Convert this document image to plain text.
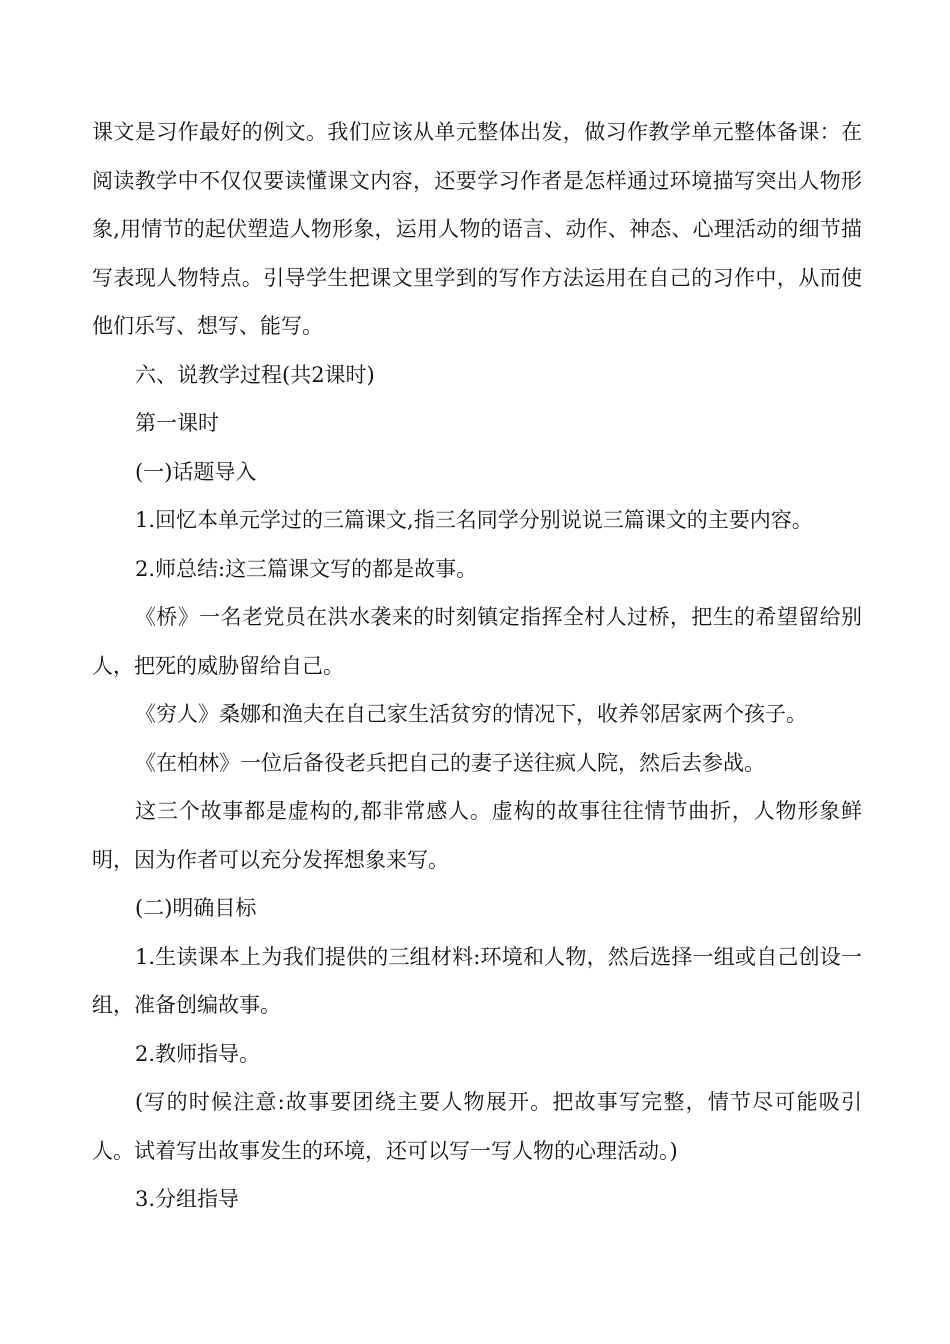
课文是习作最好的例文。我们应该从单元整体出发，做习作教学单元整体备课：在阅读教学中不仅仅要读懂课文内容，还要学习作者是怎样通过环境描写突出人物形象,用情节的起伏塑造人物形象，运用人物的语言、动作、神态、心理活动的细节描写表现人物特点。引导学生把课文里学到的写作方法运用在自己的习作中，从而使他们乐写、想写、能写。

六、说教学过程(共2课时)

第一课时

(一)话题导入

1.回忆本单元学过的三篇课文,指三名同学分别说说三篇课文的主要内容。

2.师总结:这三篇课文写的都是故事。

《桥》一名老党员在洪水袭来的时刻镇定指挥全村人过桥，把生的希望留给别人，把死的威胁留给自己。

《穷人》桑娜和渔夫在自己家生活贫穷的情况下，收养邻居家两个孩子。

《在柏林》一位后备役老兵把自己的妻子送往疯人院，然后去参战。

这三个故事都是虚构的,都非常感人。虚构的故事往往情节曲折，人物形象鲜明，因为作者可以充分发挥想象来写。

(二)明确目标

1.生读课本上为我们提供的三组材料:环境和人物，然后选择一组或自己创设一组，准备创编故事。

2.教师指导。

(写的时候注意:故事要团绕主要人物展开。把故事写完整，情节尽可能吸引人。试着写出故事发生的环境，还可以写一写人物的心理活动。)

3.分组指导
